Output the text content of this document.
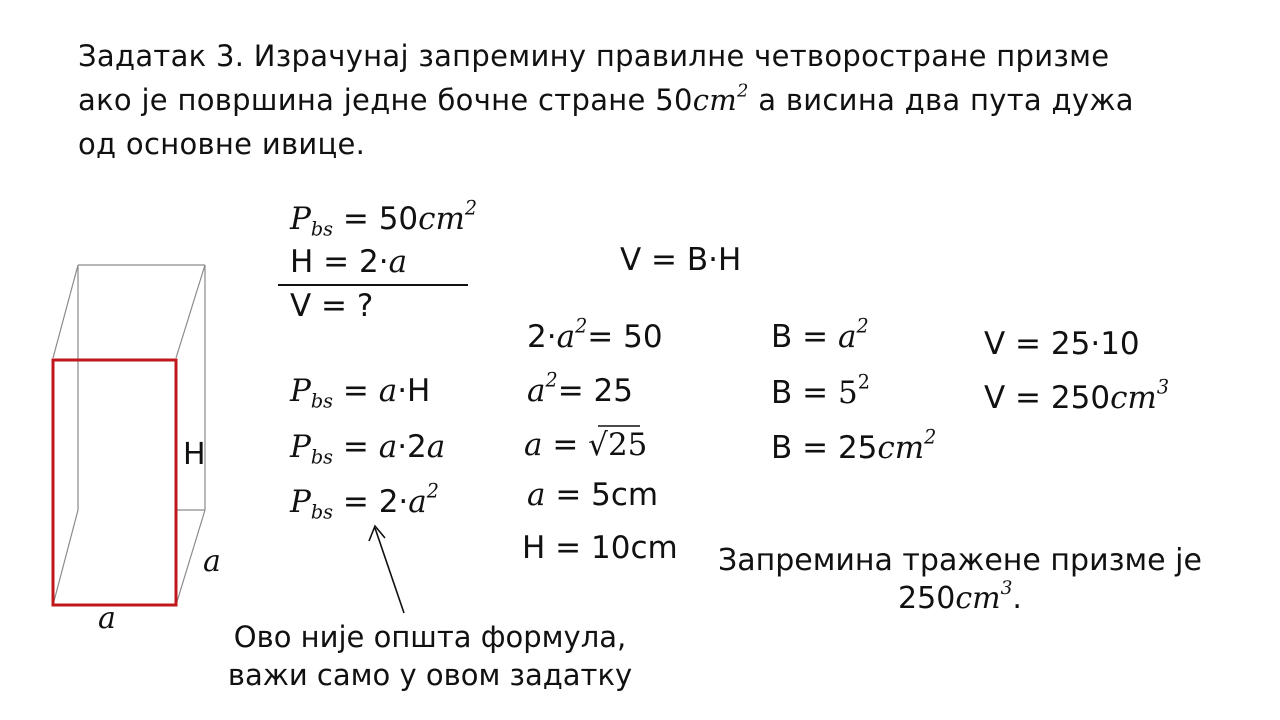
Задатак 3. Израчунај запремину правилне четворостране призме
ако је површина једне бочне стране $50cm^2$ а висина два пута дужа
од основне ивице.
H
a
a
$P_{bs} = 50cm^2$
H = 2·a
V = ?
V = B·H
$P_{bs} = a\cdot H$
$P_{bs} = a\cdot 2a$
$P_{bs} = 2\cdot a^2$
$2\cdot a^2= 50$
$a^2= 25$
a = √25
a = 5cm
H = 10cm
$B = a^2$
$B = 5^2$
$B = 25cm^2$
V = 25·10
$V = 250cm^3$
Запремина тражене призме је
$250cm^3$.
Ово није општа формула,
важи само у овом задатку
